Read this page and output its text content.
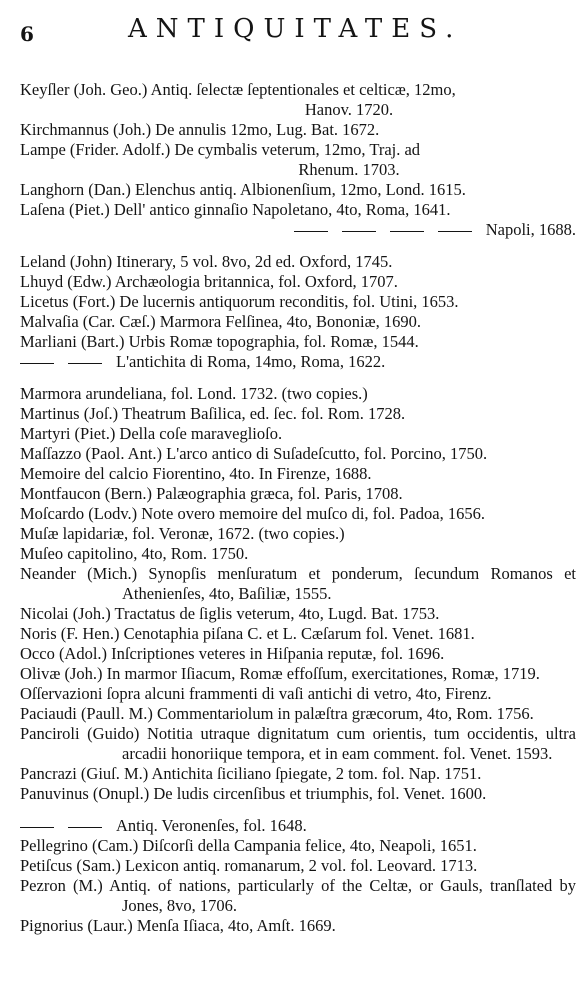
6	ANTIQUITATES.

Keyſler (Joh. Geo.) Antiq. ſelectæ ſeptentionales et celticæ, 12mo,
Hanov. 1720.

Kirchmannus (Joh.) De annulis 12mo, Lug. Bat. 1672.

Lampe (Frider. Adolf.) De cymbalis veterum, 12mo, Traj. ad
Rhenum. 1703.

Langhorn (Dan.) Elenchus antiq. Albionenſium, 12mo, Lond. 1615.

Laſena (Piet.) Dell' antico ginnaſio Napoletano, 4to, Roma, 1641.

Napoli, 1688.

Leland (John) Itinerary, 5 vol. 8vo, 2d ed. Oxford, 1745.

Lhuyd (Edw.) Archæologia britannica, fol. Oxford, 1707.

Licetus (Fort.) De lucernis antiquorum reconditis, fol. Utini, 1653.

Malvaſia (Car. Cæſ.) Marmora Felſinea, 4to, Bononiæ, 1690.

Marliani (Bart.) Urbis Romæ topographia, fol. Romæ, 1544.

L'antichita di Roma, 14mo, Roma, 1622.

Marmora arundeliana, fol. Lond. 1732. (two copies.)

Martinus (Joſ.) Theatrum Baſilica, ed. ſec. fol. Rom. 1728.

Martyri (Piet.) Della coſe maraveglioſo.

Maſſazzo (Paol. Ant.) L'arco antico di Suſadeſcutto, fol. Porcino, 1750.

Memoire del calcio Fiorentino, 4to. In Firenze, 1688.

Montfaucon (Bern.) Palæographia græca, fol. Paris, 1708.

Moſcardo (Lodv.) Note overo memoire del muſco di, fol. Padoa, 1656.

Muſæ lapidariæ, fol. Veronæ, 1672. (two copies.)

Muſeo capitolino, 4to, Rom. 1750.

Neander (Mich.) Synopſis menſuratum et ponderum, ſecundum Romanos et Athenienſes, 4to, Baſiliæ, 1555.

Nicolai (Joh.) Tractatus de ſiglis veterum, 4to, Lugd. Bat. 1753.

Noris (F. Hen.) Cenotaphia piſana C. et L. Cæſarum fol. Venet. 1681.

Occo (Adol.) Inſcriptiones veteres in Hiſpania reputæ, fol. 1696.

Olivæ (Joh.) In marmor Iſiacum, Romæ effoſſum, exercitationes, Romæ, 1719.

Oſſervazioni ſopra alcuni frammenti di vaſi antichi di vetro, 4to, Firenz.

Paciaudi (Paull. M.) Commentariolum in palæſtra græcorum, 4to, Rom. 1756.

Panciroli (Guido) Notitia utraque dignitatum cum orientis, tum occidentis, ultra arcadii honoriique tempora, et in eam comment. fol. Venet. 1593.

Pancrazi (Giuſ. M.) Antichita ſiciliano ſpiegate, 2 tom. fol. Nap. 1751.

Panuvinus (Onupl.) De ludis circenſibus et triumphis, fol. Venet. 1600.

Antiq. Veronenſes, fol. 1648.

Pellegrino (Cam.) Diſcorſi della Campania felice, 4to, Neapoli, 1651.

Petiſcus (Sam.) Lexicon antiq. romanarum, 2 vol. fol. Leovard. 1713.

Pezron (M.) Antiq. of nations, particularly of the Celtæ, or Gauls, tranſlated by Jones, 8vo, 1706.

Pignorius (Laur.) Menſa Iſiaca, 4to, Amſt. 1669.
